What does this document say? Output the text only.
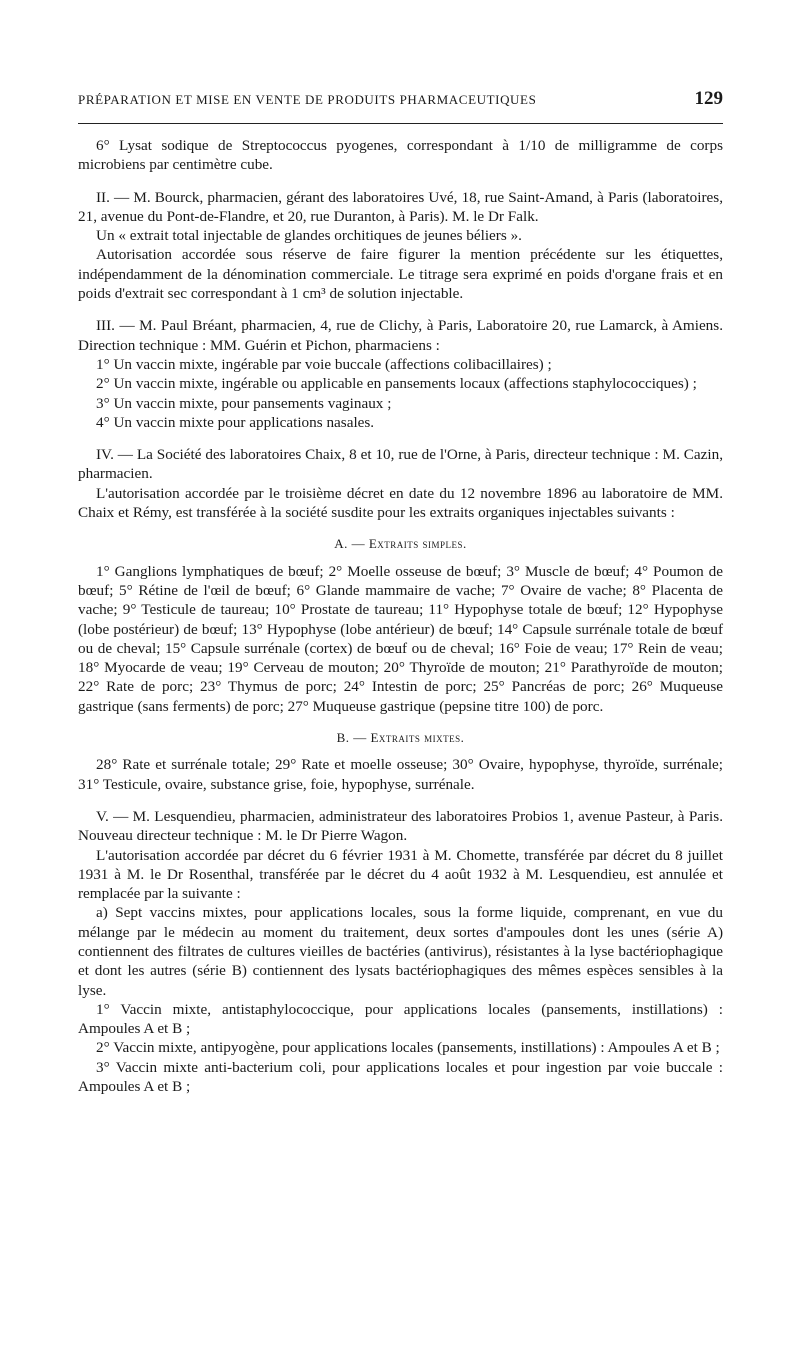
PRÉPARATION ET MISE EN VENTE DE PRODUITS PHARMACEUTIQUES	129

6° Lysat sodique de Streptococcus pyogenes, correspondant à 1/10 de milligramme de corps microbiens par centimètre cube.

II. — M. Bourck, pharmacien, gérant des laboratoires Uvé, 18, rue Saint-Amand, à Paris (laboratoires, 21, avenue du Pont-de-Flandre, et 20, rue Duranton, à Paris). M. le Dr Falk.

Un « extrait total injectable de glandes orchitiques de jeunes béliers ».

Autorisation accordée sous réserve de faire figurer la mention précédente sur les étiquettes, indépendamment de la dénomination commerciale. Le titrage sera exprimé en poids d'organe frais et en poids d'extrait sec correspondant à 1 cm³ de solution injectable.

III. — M. Paul Bréant, pharmacien, 4, rue de Clichy, à Paris, Laboratoire 20, rue Lamarck, à Amiens. Direction technique : MM. Guérin et Pichon, pharmaciens :

1° Un vaccin mixte, ingérable par voie buccale (affections colibacillaires) ;

2° Un vaccin mixte, ingérable ou applicable en pansements locaux (affections staphylococciques) ;

3° Un vaccin mixte, pour pansements vaginaux ;

4° Un vaccin mixte pour applications nasales.

IV. — La Société des laboratoires Chaix, 8 et 10, rue de l'Orne, à Paris, directeur technique : M. Cazin, pharmacien.

L'autorisation accordée par le troisième décret en date du 12 novembre 1896 au laboratoire de MM. Chaix et Rémy, est transférée à la société susdite pour les extraits organiques injectables suivants :

A. — Extraits simples.

1° Ganglions lymphatiques de bœuf; 2° Moelle osseuse de bœuf; 3° Muscle de bœuf; 4° Poumon de bœuf; 5° Rétine de l'œil de bœuf; 6° Glande mammaire de vache; 7° Ovaire de vache; 8° Placenta de vache; 9° Testicule de taureau; 10° Prostate de taureau; 11° Hypophyse totale de bœuf; 12° Hypophyse (lobe postérieur) de bœuf; 13° Hypophyse (lobe antérieur) de bœuf; 14° Capsule surrénale totale de bœuf ou de cheval; 15° Capsule surrénale (cortex) de bœuf ou de cheval; 16° Foie de veau; 17° Rein de veau; 18° Myocarde de veau; 19° Cerveau de mouton; 20° Thyroïde de mouton; 21° Parathyroïde de mouton; 22° Rate de porc; 23° Thymus de porc; 24° Intestin de porc; 25° Pancréas de porc; 26° Muqueuse gastrique (sans ferments) de porc; 27° Muqueuse gastrique (pepsine titre 100) de porc.

B. — Extraits mixtes.

28° Rate et surrénale totale; 29° Rate et moelle osseuse; 30° Ovaire, hypophyse, thyroïde, surrénale; 31° Testicule, ovaire, substance grise, foie, hypophyse, surrénale.

V. — M. Lesquendieu, pharmacien, administrateur des laboratoires Probios 1, avenue Pasteur, à Paris. Nouveau directeur technique : M. le Dr Pierre Wagon.

L'autorisation accordée par décret du 6 février 1931 à M. Chomette, transférée par décret du 8 juillet 1931 à M. le Dr Rosenthal, transférée par le décret du 4 août 1932 à M. Lesquendieu, est annulée et remplacée par la suivante :

a) Sept vaccins mixtes, pour applications locales, sous la forme liquide, comprenant, en vue du mélange par le médecin au moment du traitement, deux sortes d'ampoules dont les unes (série A) contiennent des filtrates de cultures vieilles de bactéries (antivirus), résistantes à la lyse bactériophagique et dont les autres (série B) contiennent des lysats bactériophagiques des mêmes espèces sensibles à la lyse.

1° Vaccin mixte, antistaphylococcique, pour applications locales (pansements, instillations) : Ampoules A et B ;

2° Vaccin mixte, antipyogène, pour applications locales (pansements, instillations) : Ampoules A et B ;

3° Vaccin mixte anti-bacterium coli, pour applications locales et pour ingestion par voie buccale : Ampoules A et B ;
